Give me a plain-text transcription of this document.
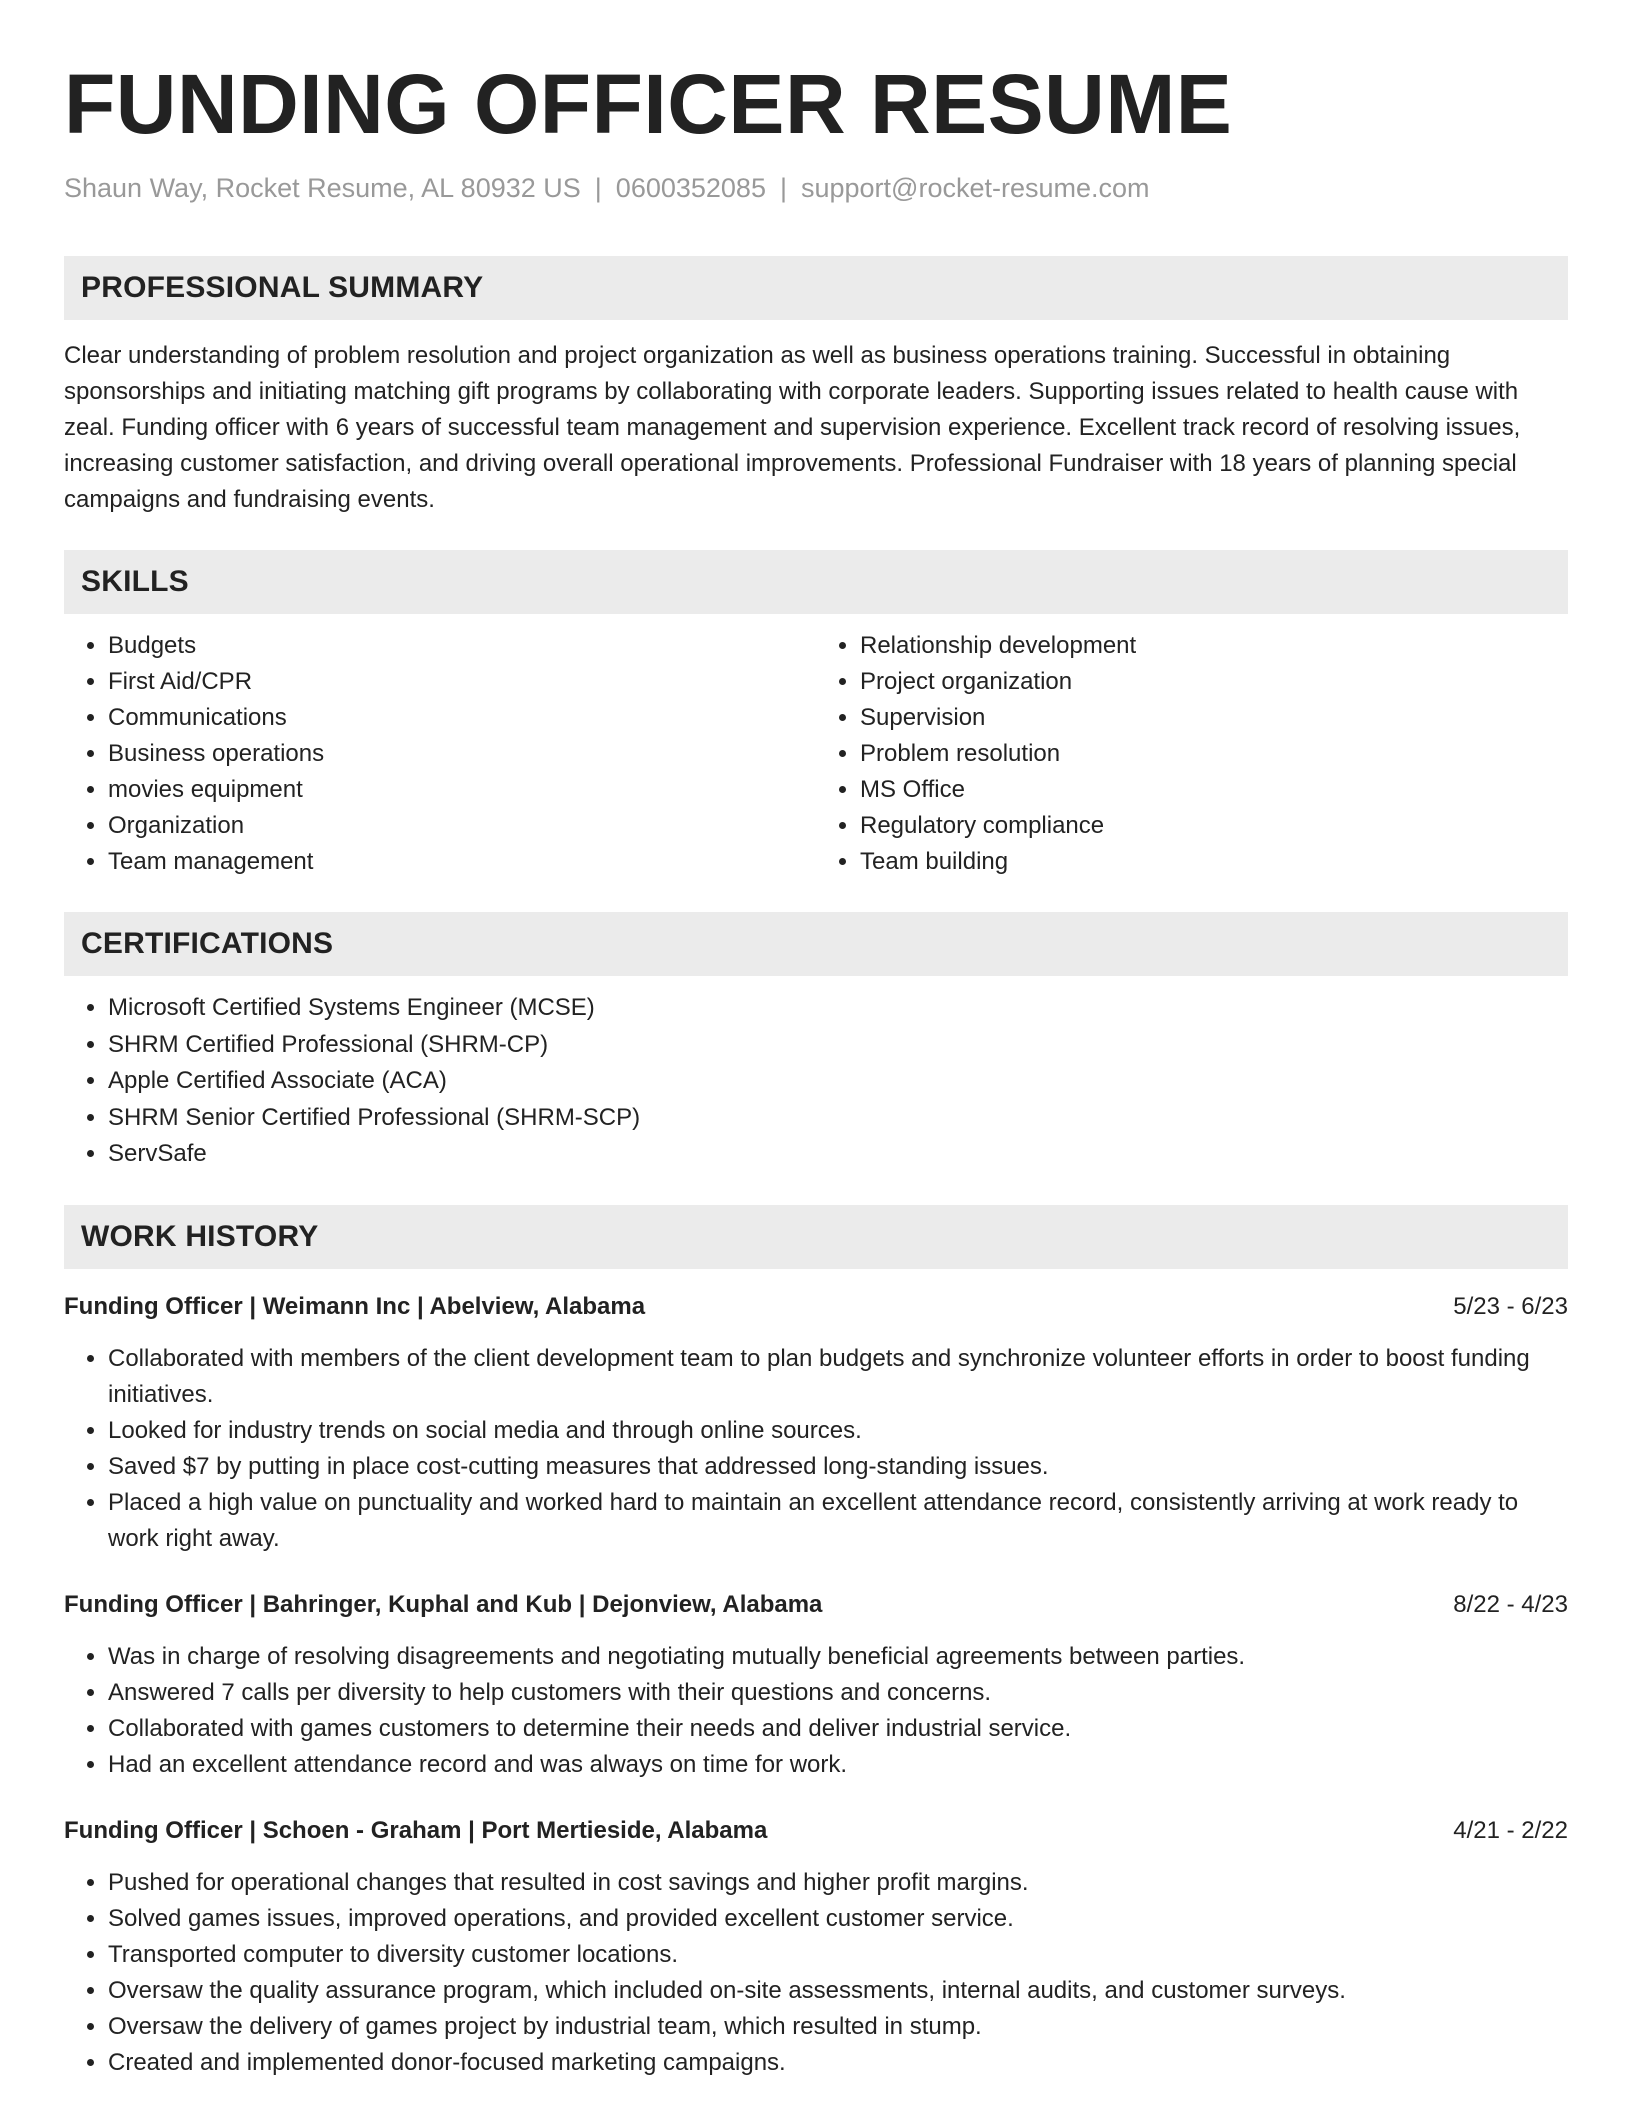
FUNDING OFFICER RESUME
Shaun Way, Rocket Resume, AL 80932 US | 0600352085 | support@rocket-resume.com
PROFESSIONAL SUMMARY

Clear understanding of problem resolution and project organization as well as business operations training. Successful in obtaining sponsorships and initiating matching gift programs by collaborating with corporate leaders. Supporting issues related to health cause with zeal. Funding officer with 6 years of successful team management and supervision experience. Excellent track record of resolving issues, increasing customer satisfaction, and driving overall operational improvements. Professional Fundraiser with 18 years of planning special campaigns and fundraising events.

SKILLS
• Budgets
• First Aid/CPR
• Communications
• Business operations
• movies equipment
• Organization
• Team management
• Relationship development
• Project organization
• Supervision
• Problem resolution
• MS Office
• Regulatory compliance
• Team building
CERTIFICATIONS
• Microsoft Certified Systems Engineer (MCSE)
• SHRM Certified Professional (SHRM-CP)
• Apple Certified Associate (ACA)
• SHRM Senior Certified Professional (SHRM-SCP)
• ServSafe
WORK HISTORY
Funding Officer | Weimann Inc | Abelview, Alabama	5/23 - 6/23
• Collaborated with members of the client development team to plan budgets and synchronize volunteer efforts in order to boost funding initiatives.
• Looked for industry trends on social media and through online sources.
• Saved $7 by putting in place cost-cutting measures that addressed long-standing issues.
• Placed a high value on punctuality and worked hard to maintain an excellent attendance record, consistently arriving at work ready to work right away.
Funding Officer | Bahringer, Kuphal and Kub | Dejonview, Alabama	8/22 - 4/23
• Was in charge of resolving disagreements and negotiating mutually beneficial agreements between parties.
• Answered 7 calls per diversity to help customers with their questions and concerns.
• Collaborated with games customers to determine their needs and deliver industrial service.
• Had an excellent attendance record and was always on time for work.
Funding Officer | Schoen - Graham | Port Mertieside, Alabama	4/21 - 2/22
• Pushed for operational changes that resulted in cost savings and higher profit margins.
• Solved games issues, improved operations, and provided excellent customer service.
• Transported computer to diversity customer locations.
• Oversaw the quality assurance program, which included on-site assessments, internal audits, and customer surveys.
• Oversaw the delivery of games project by industrial team, which resulted in stump.
• Created and implemented donor-focused marketing campaigns.
